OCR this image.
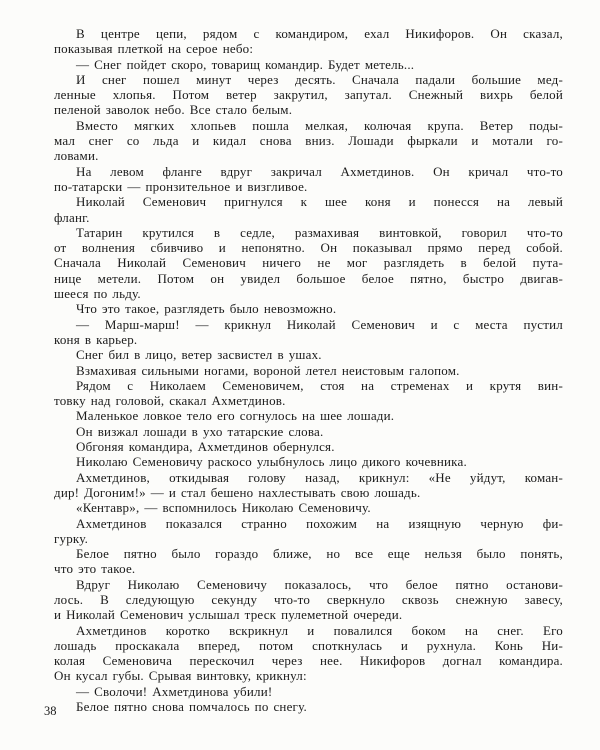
В центре цепи, рядом с командиром, ехал Никифоров. Он сказал,
показывая плеткой на серое небо:
— Снег пойдет скоро, товарищ командир. Будет метель...
И снег пошел минут через десять. Сначала падали большие мед-
ленные хлопья. Потом ветер закрутил, запутал. Снежный вихрь белой
пеленой заволок небо. Все стало белым.
Вместо мягких хлопьев пошла мелкая, колючая крупа. Ветер поды-
мал снег со льда и кидал снова вниз. Лошади фыркали и мотали го-
ловами.
На левом фланге вдруг закричал Ахметдинов. Он кричал что-то
по-татарски — пронзительное и визгливое.
Николай Семенович пригнулся к шее коня и понесся на левый
фланг.
Татарин крутился в седле, размахивая винтовкой, говорил что-то
от волнения сбивчиво и непонятно. Он показывал прямо перед собой.
Сначала Николай Семенович ничего не мог разглядеть в белой пута-
нице метели. Потом он увидел большое белое пятно, быстро двигав-
шееся по льду.
Что это такое, разглядеть было невозможно.
— Марш-марш! — крикнул Николай Семенович и с места пустил
коня в карьер.
Снег бил в лицо, ветер засвистел в ушах.
Взмахивая сильными ногами, вороной летел неистовым галопом.
Рядом с Николаем Семеновичем, стоя на стременах и крутя вин-
товку над головой, скакал Ахметдинов.
Маленькое ловкое тело его согнулось на шее лошади.
Он визжал лошади в ухо татарские слова.
Обгоняя командира, Ахметдинов обернулся.
Николаю Семеновичу раскосо улыбнулось лицо дикого кочевника.
Ахметдинов, откидывая голову назад, крикнул: «Не уйдут, коман-
дир! Догоним!» — и стал бешено нахлестывать свою лошадь.
«Кентавр», — вспомнилось Николаю Семеновичу.
Ахметдинов показался странно похожим на изящную черную фи-
гурку.
Белое пятно было гораздо ближе, но все еще нельзя было понять,
что это такое.
Вдруг Николаю Семеновичу показалось, что белое пятно останови-
лось. В следующую секунду что-то сверкнуло сквозь снежную завесу,
и Николай Семенович услышал треск пулеметной очереди.
Ахметдинов коротко вскрикнул и повалился боком на снег. Его
лошадь проскакала вперед, потом споткнулась и рухнула. Конь Ни-
колая Семеновича перескочил через нее. Никифоров догнал командира.
Он кусал губы. Срывая винтовку, крикнул:
— Сволочи! Ахметдинова убили!
Белое пятно снова помчалось по снегу.
38
